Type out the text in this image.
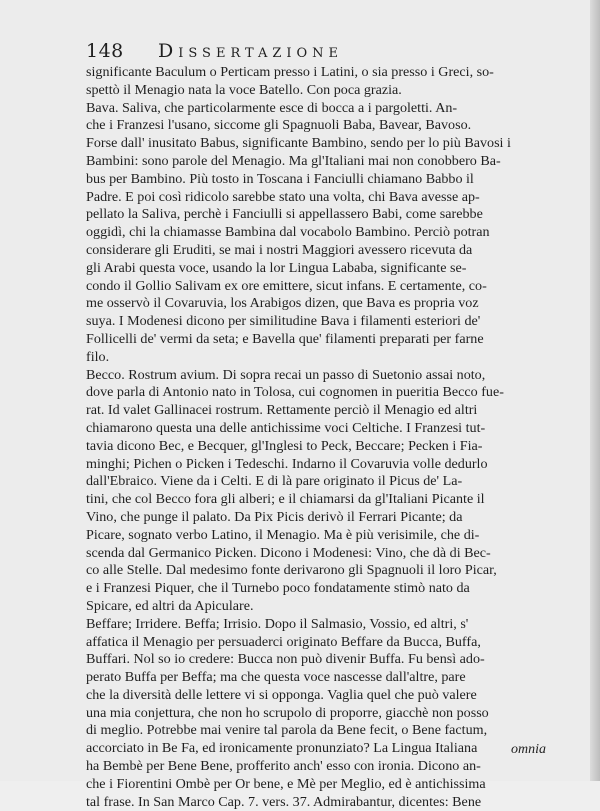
148 Dissertazione

significante Baculum o Perticam presso i Latini, o sia presso i Greci, so-
spettò il Menagio nata la voce Batello. Con poca grazia.

Bava. Saliva, che particolarmente esce di bocca a i pargoletti. An-
che i Franzesi l'usano, siccome gli Spagnuoli Baba, Bavear, Bavoso.
Forse dall' inusitato Babus, significante Bambino, sendo per lo più Bavosi i
Bambini: sono parole del Menagio. Ma gl'Italiani mai non conobbero Ba-
bus per Bambino. Più tosto in Toscana i Fanciulli chiamano Babbo il
Padre. E poi così ridicolo sarebbe stato una volta, chi Bava avesse ap-
pellato la Saliva, perchè i Fanciulli si appellassero Babi, come sarebbe
oggidì, chi la chiamasse Bambina dal vocabolo Bambino. Perciò potran
considerare gli Eruditi, se mai i nostri Maggiori avessero ricevuta da
gli Arabi questa voce, usando la lor Lingua Lababa, significante se-
condo il Gollio Salivam ex ore emittere, sicut infans. E certamente, co-
me osservò il Covaruvia, los Arabigos dizen, que Bava es propria voz
suya. I Modenesi dicono per similitudine Bava i filamenti esteriori de'
Follicelli de' vermi da seta; e Bavella que' filamenti preparati per farne
filo.

Becco. Rostrum avium. Di sopra recai un passo di Suetonio assai noto,
dove parla di Antonio nato in Tolosa, cui cognomen in pueritia Becco fue-
rat. Id valet Gallinacei rostrum. Rettamente perciò il Menagio ed altri
chiamarono questa una delle antichissime voci Celtiche. I Franzesi tut-
tavia dicono Bec, e Becquer, gl'Inglesi to Peck, Beccare; Pecken i Fia-
minghi; Pichen o Picken i Tedeschi. Indarno il Covaruvia volle dedurlo
dall'Ebraico. Viene da i Celti. E di là pare originato il Picus de' La-
tini, che col Becco fora gli alberi; e il chiamarsi da gl'Italiani Picante il
Vino, che punge il palato. Da Pix Picis derivò il Ferrari Picante; da
Picare, sognato verbo Latino, il Menagio. Ma è più verisimile, che di-
scenda dal Germanico Picken. Dicono i Modenesi: Vino, che dà di Bec-
co alle Stelle. Dal medesimo fonte derivarono gli Spagnuoli il loro Picar,
e i Franzesi Piquer, che il Turnebo poco fondatamente stimò nato da
Spicare, ed altri da Apiculare.

Beffare; Irridere. Beffa; Irrisio. Dopo il Salmasio, Vossio, ed altri, s'
affatica il Menagio per persuaderci originato Beffare da Bucca, Buffa,
Buffari. Nol so io credere: Bucca non può divenir Buffa. Fu bensì ado-
perato Buffa per Beffa; ma che questa voce nascesse dall'altre, pare
che la diversità delle lettere vi si opponga. Vaglia quel che può valere
una mia conjettura, che non ho scrupolo di proporre, giacchè non posso
di meglio. Potrebbe mai venire tal parola da Bene fecit, o Bene factum,
accorciato in Be Fa, ed ironicamente pronunziato? La Lingua Italiana
ha Bembè per Bene Bene, profferito anch' esso con ironia. Dicono an-
che i Fiorentini Ombè per Or bene, e Mè per Meglio, ed è antichissima
tal frase. In San Marco Cap. 7. vers. 37. Admirabantur, dicentes: Bene

omnia
